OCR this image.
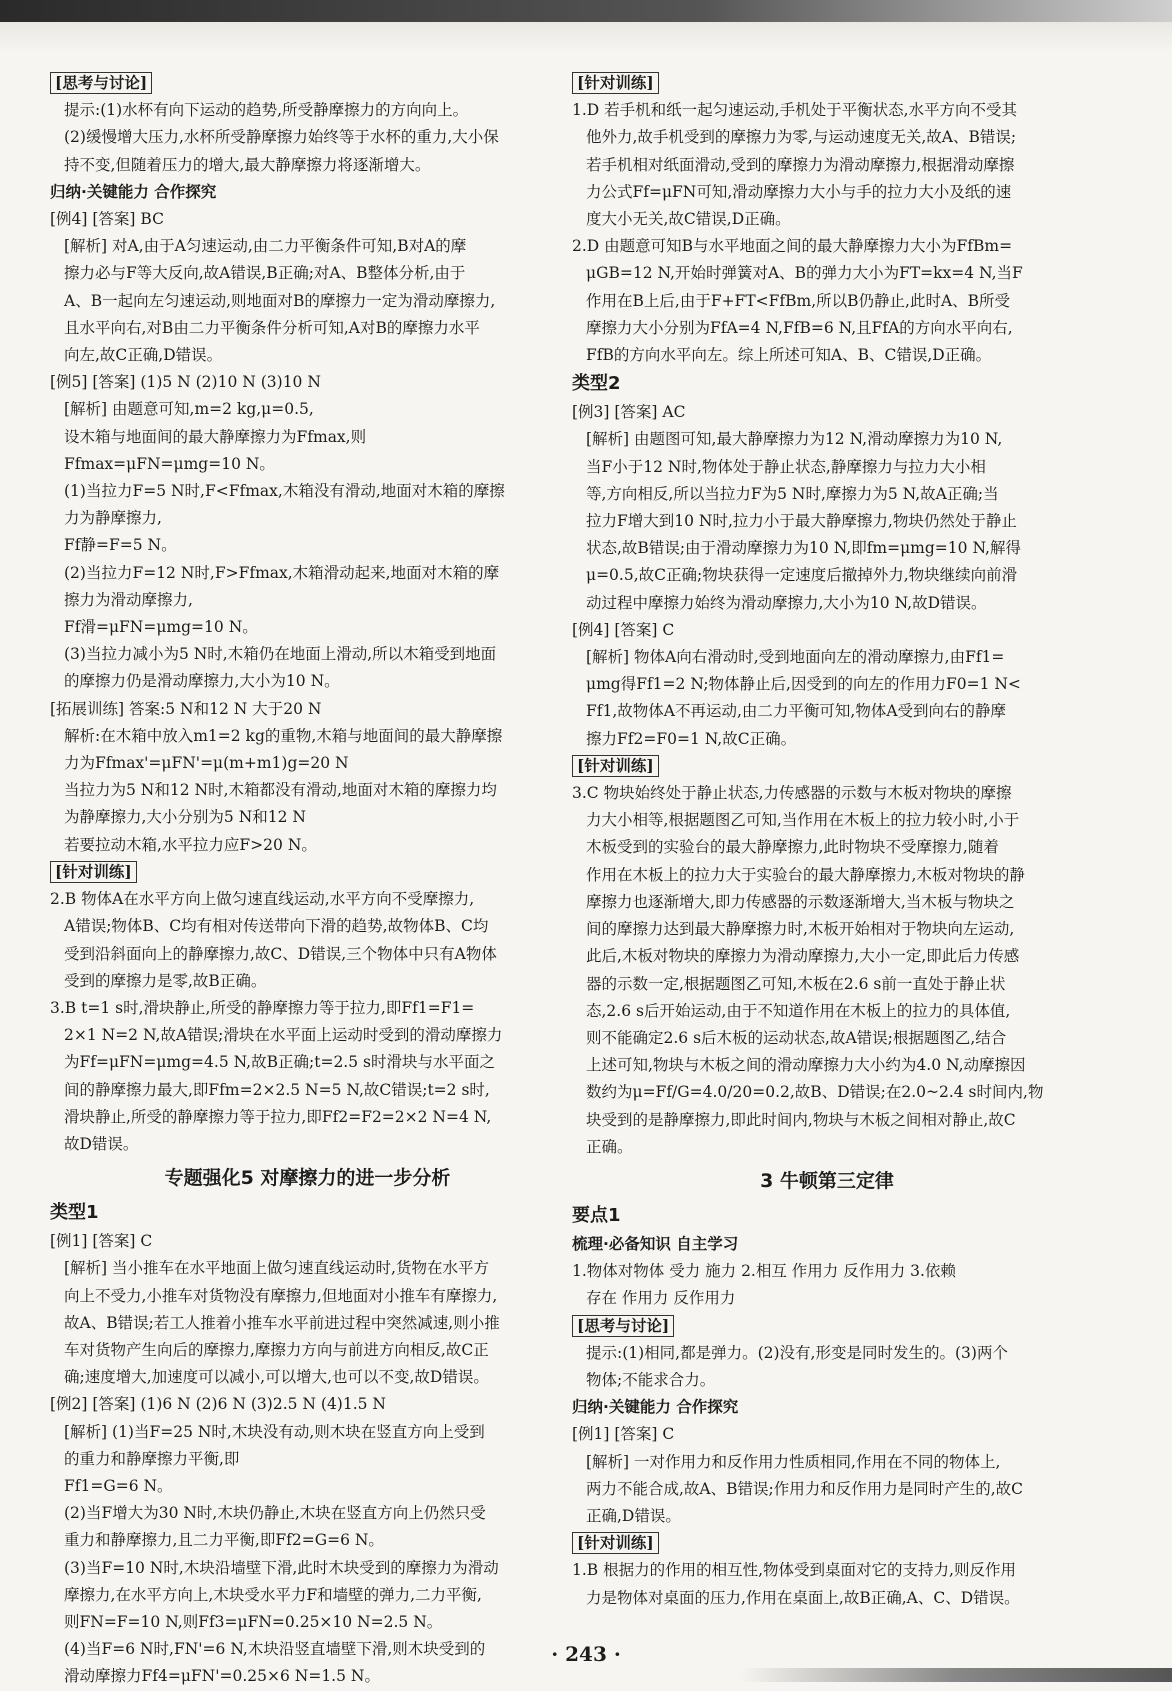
[思考与讨论]
提示:(1)水杯有向下运动的趋势,所受静摩擦力的方向向上。
(2)缓慢增大压力,水杯所受静摩擦力始终等于水杯的重力,大小保
持不变,但随着压力的增大,最大静摩擦力将逐渐增大。
归纳·关键能力 合作探究
[例4] [答案] BC
[解析] 对A,由于A匀速运动,由二力平衡条件可知,B对A的摩
擦力必与F等大反向,故A错误,B正确;对A、B整体分析,由于
A、B一起向左匀速运动,则地面对B的摩擦力一定为滑动摩擦力,
且水平向右,对B由二力平衡条件分析可知,A对B的摩擦力水平
向左,故C正确,D错误。
[例5] [答案] (1)5 N (2)10 N (3)10 N
[解析] 由题意可知,m=2 kg,μ=0.5,
设木箱与地面间的最大静摩擦力为Ffmax,则
Ffmax=μFN=μmg=10 N。
(1)当拉力F=5 N时,F<Ffmax,木箱没有滑动,地面对木箱的摩擦
力为静摩擦力,
Ff静=F=5 N。
(2)当拉力F=12 N时,F>Ffmax,木箱滑动起来,地面对木箱的摩
擦力为滑动摩擦力,
Ff滑=μFN=μmg=10 N。
(3)当拉力减小为5 N时,木箱仍在地面上滑动,所以木箱受到地面
的摩擦力仍是滑动摩擦力,大小为10 N。
[拓展训练] 答案:5 N和12 N 大于20 N
解析:在木箱中放入m1=2 kg的重物,木箱与地面间的最大静摩擦
力为Ffmax'=μFN'=μ(m+m1)g=20 N
当拉力为5 N和12 N时,木箱都没有滑动,地面对木箱的摩擦力均
为静摩擦力,大小分别为5 N和12 N
若要拉动木箱,水平拉力应F>20 N。
[针对训练]
2.B 物体A在水平方向上做匀速直线运动,水平方向不受摩擦力,
A错误;物体B、C均有相对传送带向下滑的趋势,故物体B、C均
受到沿斜面向上的静摩擦力,故C、D错误,三个物体中只有A物体
受到的摩擦力是零,故B正确。
3.B t=1 s时,滑块静止,所受的静摩擦力等于拉力,即Ff1=F1=
2×1 N=2 N,故A错误;滑块在水平面上运动时受到的滑动摩擦力
为Ff=μFN=μmg=4.5 N,故B正确;t=2.5 s时滑块与水平面之
间的静摩擦力最大,即Ffm=2×2.5 N=5 N,故C错误;t=2 s时,
滑块静止,所受的静摩擦力等于拉力,即Ff2=F2=2×2 N=4 N,
故D错误。
专题强化5 对摩擦力的进一步分析
类型1
[例1] [答案] C
[解析] 当小推车在水平地面上做匀速直线运动时,货物在水平方
向上不受力,小推车对货物没有摩擦力,但地面对小推车有摩擦力,
故A、B错误;若工人推着小推车水平前进过程中突然减速,则小推
车对货物产生向后的摩擦力,摩擦力方向与前进方向相反,故C正
确;速度增大,加速度可以减小,可以增大,也可以不变,故D错误。
[例2] [答案] (1)6 N (2)6 N (3)2.5 N (4)1.5 N
[解析] (1)当F=25 N时,木块没有动,则木块在竖直方向上受到
的重力和静摩擦力平衡,即
Ff1=G=6 N。
(2)当F增大为30 N时,木块仍静止,木块在竖直方向上仍然只受
重力和静摩擦力,且二力平衡,即Ff2=G=6 N。
(3)当F=10 N时,木块沿墙壁下滑,此时木块受到的摩擦力为滑动
摩擦力,在水平方向上,木块受水平力F和墙壁的弹力,二力平衡,
则FN=F=10 N,则Ff3=μFN=0.25×10 N=2.5 N。
(4)当F=6 N时,FN'=6 N,木块沿竖直墙壁下滑,则木块受到的
滑动摩擦力Ff4=μFN'=0.25×6 N=1.5 N。
[针对训练]
1.D 若手机和纸一起匀速运动,手机处于平衡状态,水平方向不受其
他外力,故手机受到的摩擦力为零,与运动速度无关,故A、B错误;
若手机相对纸面滑动,受到的摩擦力为滑动摩擦力,根据滑动摩擦
力公式Ff=μFN可知,滑动摩擦力大小与手的拉力大小及纸的速
度大小无关,故C错误,D正确。
2.D 由题意可知B与水平地面之间的最大静摩擦力大小为FfBm=
μGB=12 N,开始时弹簧对A、B的弹力大小为FT=kx=4 N,当F
作用在B上后,由于F+FT<FfBm,所以B仍静止,此时A、B所受
摩擦力大小分别为FfA=4 N,FfB=6 N,且FfA的方向水平向右,
FfB的方向水平向左。综上所述可知A、B、C错误,D正确。
类型2
[例3] [答案] AC
[解析] 由题图可知,最大静摩擦力为12 N,滑动摩擦力为10 N,
当F小于12 N时,物体处于静止状态,静摩擦力与拉力大小相
等,方向相反,所以当拉力F为5 N时,摩擦力为5 N,故A正确;当
拉力F增大到10 N时,拉力小于最大静摩擦力,物块仍然处于静止
状态,故B错误;由于滑动摩擦力为10 N,即fm=μmg=10 N,解得
μ=0.5,故C正确;物块获得一定速度后撤掉外力,物块继续向前滑
动过程中摩擦力始终为滑动摩擦力,大小为10 N,故D错误。
[例4] [答案] C
[解析] 物体A向右滑动时,受到地面向左的滑动摩擦力,由Ff1=
μmg得Ff1=2 N;物体静止后,因受到的向左的作用力F0=1 N<
Ff1,故物体A不再运动,由二力平衡可知,物体A受到向右的静摩
擦力Ff2=F0=1 N,故C正确。
[针对训练]
3.C 物块始终处于静止状态,力传感器的示数与木板对物块的摩擦
力大小相等,根据题图乙可知,当作用在木板上的拉力较小时,小于
木板受到的实验台的最大静摩擦力,此时物块不受摩擦力,随着
作用在木板上的拉力大于实验台的最大静摩擦力,木板对物块的静
摩擦力也逐渐增大,即力传感器的示数逐渐增大,当木板与物块之
间的摩擦力达到最大静摩擦力时,木板开始相对于物块向左运动,
此后,木板对物块的摩擦力为滑动摩擦力,大小一定,即此后力传感
器的示数一定,根据题图乙可知,木板在2.6 s前一直处于静止状
态,2.6 s后开始运动,由于不知道作用在木板上的拉力的具体值,
则不能确定2.6 s后木板的运动状态,故A错误;根据题图乙,结合
上述可知,物块与木板之间的滑动摩擦力大小约为4.0 N,动摩擦因
数约为μ=Ff/G=4.0/20=0.2,故B、D错误;在2.0~2.4 s时间内,物
块受到的是静摩擦力,即此时间内,物块与木板之间相对静止,故C
正确。
3 牛顿第三定律
要点1
梳理·必备知识 自主学习
1.物体对物体 受力 施力 2.相互 作用力 反作用力 3.依赖
存在 作用力 反作用力
[思考与讨论]
提示:(1)相同,都是弹力。(2)没有,形变是同时发生的。(3)两个
物体;不能求合力。
归纳·关键能力 合作探究
[例1] [答案] C
[解析] 一对作用力和反作用力性质相同,作用在不同的物体上,
两力不能合成,故A、B错误;作用力和反作用力是同时产生的,故C
正确,D错误。
[针对训练]
1.B 根据力的作用的相互性,物体受到桌面对它的支持力,则反作用
力是物体对桌面的压力,作用在桌面上,故B正确,A、C、D错误。
· 243 ·
